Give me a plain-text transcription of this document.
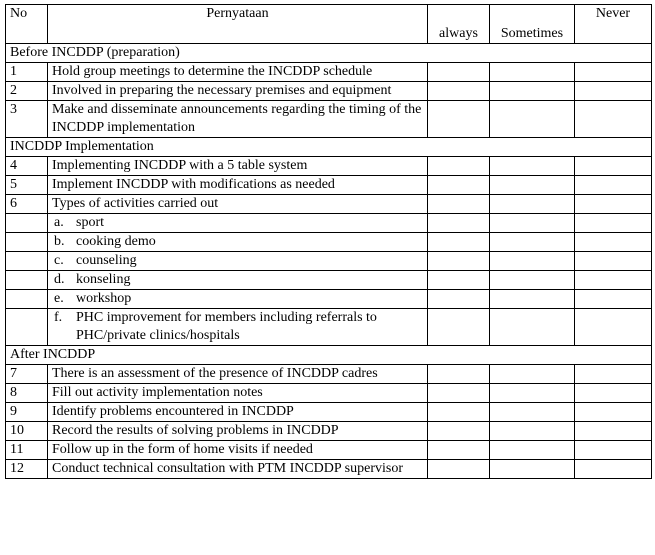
No	Pernyataan	always	Sometimes	Never
Before INCDDP (preparation)				
1	Hold group meetings to determine the INCDDP schedule			
2	Involved in preparing the necessary premises and equipment			
3	Make and disseminate announcements regarding the timing of the INCDDP implementation			
INCDDP Implementation				
4	Implementing INCDDP with a 5 table system			
5	Implement INCDDP with modifications as needed			
6	Types of activities carried out			
	a. sport			
	b. cooking demo			
	c. counseling			
	d. konseling			
	e. workshop			
	f. PHC improvement for members including referrals to PHC/private clinics/hospitals			
After INCDDP				
7	There is an assessment of the presence of INCDDP cadres			
8	Fill out activity implementation notes			
9	Identify problems encountered in INCDDP			
10	Record the results of solving problems in INCDDP			
11	Follow up in the form of home visits if needed			
12	Conduct technical consultation with PTM INCDDP supervisor			
